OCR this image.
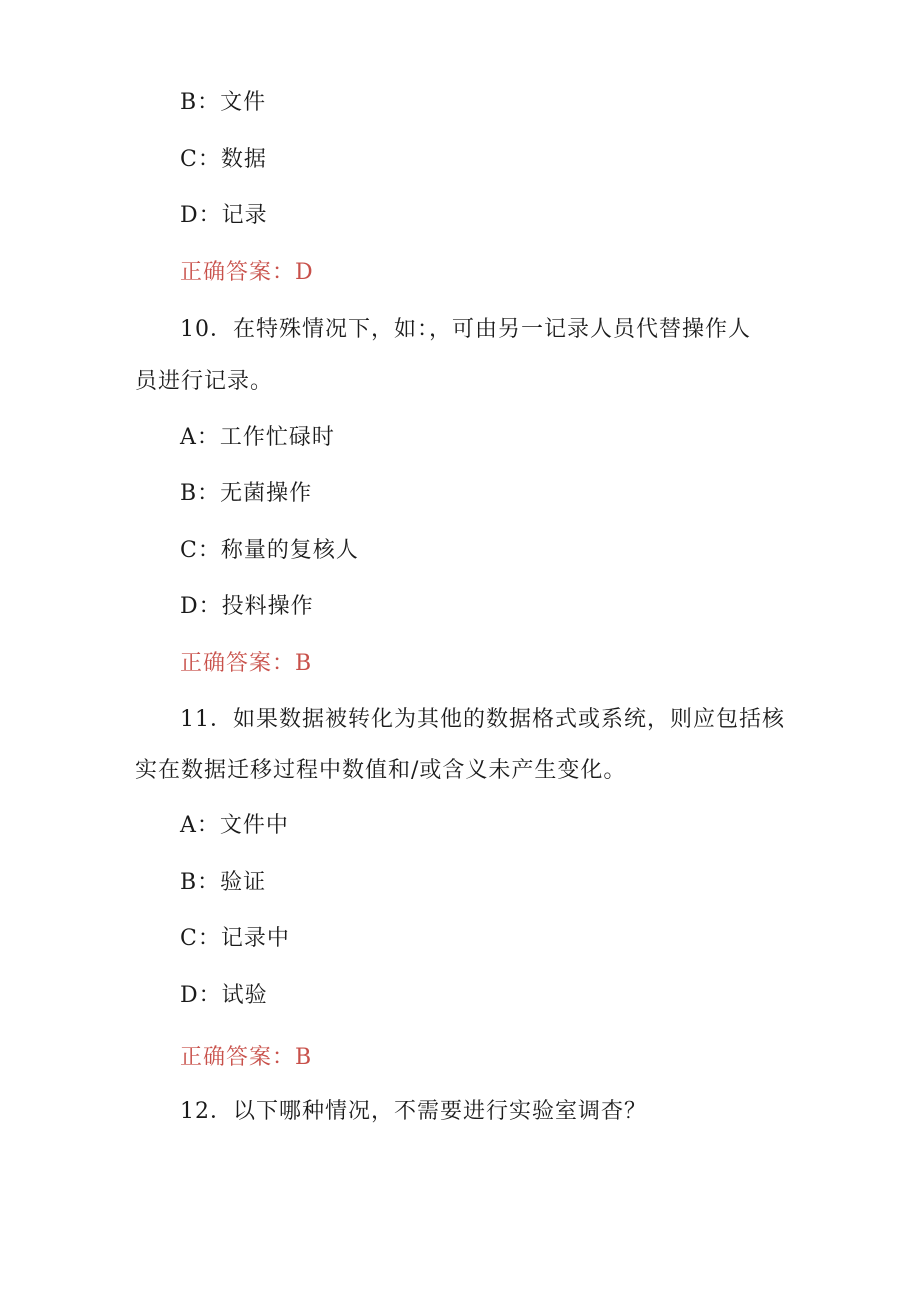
B：文件
C：数据
D：记录
正确答案：D
10．在特殊情况下，如：，可由另一记录人员代替操作人
员进行记录。
A：工作忙碌时
B：无菌操作
C：称量的复核人
D：投料操作
正确答案：B
11．如果数据被转化为其他的数据格式或系统，则应包括核
实在数据迁移过程中数值和/或含义未产生变化。
A：文件中
B：验证
C：记录中
D：试验
正确答案：B
12．以下哪种情况，不需要进行实验室调杳？
